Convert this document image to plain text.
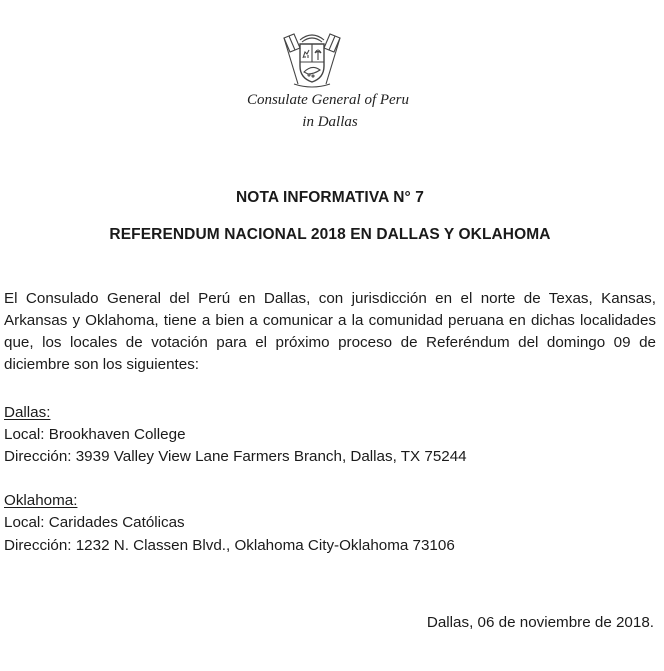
Consulate General of Peru
in Dallas
NOTA INFORMATIVA N° 7
REFERENDUM NACIONAL 2018 EN DALLAS Y OKLAHOMA
El Consulado General del Perú en Dallas, con jurisdicción en el norte de Texas, Kansas, Arkansas y Oklahoma, tiene a bien a comunicar a la comunidad peruana en dichas localidades que, los locales de votación para el próximo proceso de Referéndum del domingo 09 de diciembre son los siguientes:
Dallas:
Local: Brookhaven College
Dirección: 3939 Valley View Lane Farmers Branch, Dallas, TX 75244
Oklahoma:
Local: Caridades Católicas
Dirección: 1232 N. Classen Blvd., Oklahoma City-Oklahoma 73106
Dallas, 06 de noviembre de 2018.
